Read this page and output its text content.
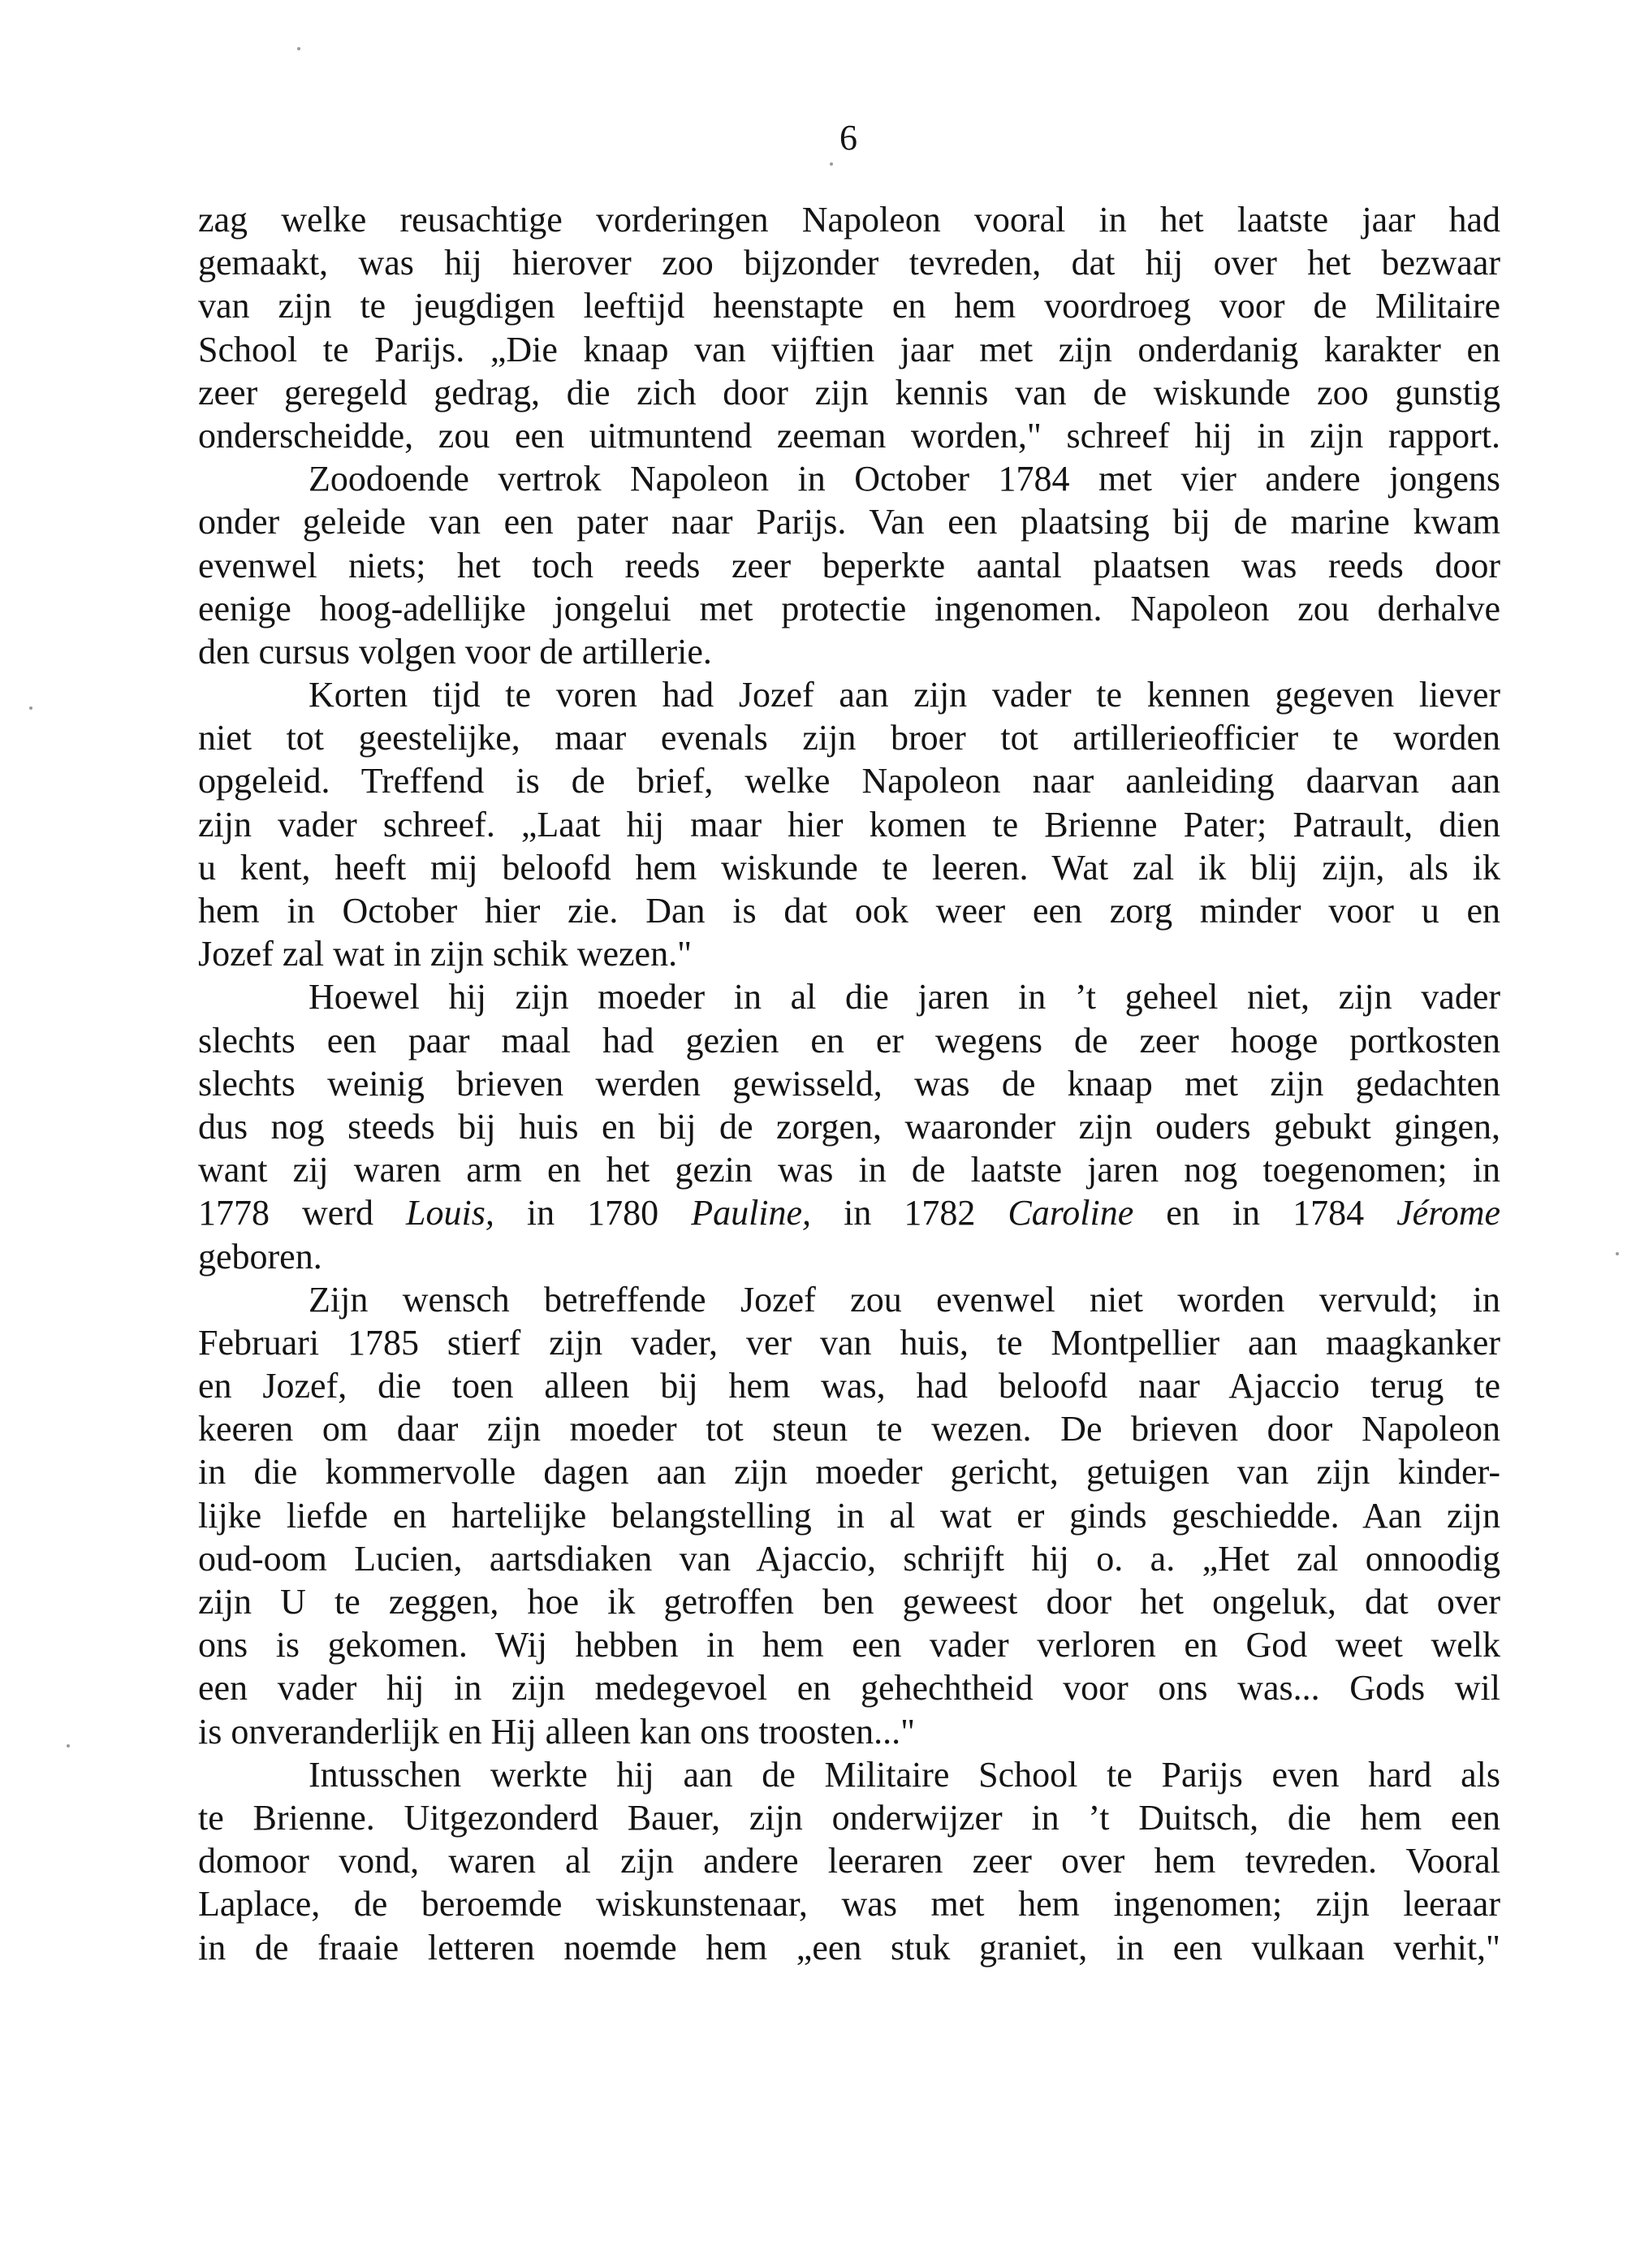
6
zag welke reusachtige vorderingen Napoleon vooral in het laatste jaar had
gemaakt, was hij hierover zoo bijzonder tevreden, dat hij over het bezwaar
van zijn te jeugdigen leeftijd heenstapte en hem voordroeg voor de Militaire
School te Parijs. „Die knaap van vijftien jaar met zijn onderdanig karakter en
zeer geregeld gedrag, die zich door zijn kennis van de wiskunde zoo gunstig
onderscheidde, zou een uitmuntend zeeman worden," schreef hij in zijn rapport.
Zoodoende vertrok Napoleon in October 1784 met vier andere jongens
onder geleide van een pater naar Parijs. Van een plaatsing bij de marine kwam
evenwel niets; het toch reeds zeer beperkte aantal plaatsen was reeds door
eenige hoog-adellijke jongelui met protectie ingenomen. Napoleon zou derhalve
den cursus volgen voor de artillerie.
Korten tijd te voren had Jozef aan zijn vader te kennen gegeven liever
niet tot geestelijke, maar evenals zijn broer tot artillerieofficier te worden
opgeleid. Treffend is de brief, welke Napoleon naar aanleiding daarvan aan
zijn vader schreef. „Laat hij maar hier komen te Brienne Pater; Patrault, dien
u kent, heeft mij beloofd hem wiskunde te leeren. Wat zal ik blij zijn, als ik
hem in October hier zie. Dan is dat ook weer een zorg minder voor u en
Jozef zal wat in zijn schik wezen."
Hoewel hij zijn moeder in al die jaren in ’t geheel niet, zijn vader
slechts een paar maal had gezien en er wegens de zeer hooge portkosten
slechts weinig brieven werden gewisseld, was de knaap met zijn gedachten
dus nog steeds bij huis en bij de zorgen, waaronder zijn ouders gebukt gingen,
want zij waren arm en het gezin was in de laatste jaren nog toegenomen; in
1778 werd Louis, in 1780 Pauline, in 1782 Caroline en in 1784 Jérome
geboren.
Zijn wensch betreffende Jozef zou evenwel niet worden vervuld; in
Februari 1785 stierf zijn vader, ver van huis, te Montpellier aan maagkanker
en Jozef, die toen alleen bij hem was, had beloofd naar Ajaccio terug te
keeren om daar zijn moeder tot steun te wezen. De brieven door Napoleon
in die kommervolle dagen aan zijn moeder gericht, getuigen van zijn kinder-
lijke liefde en hartelijke belangstelling in al wat er ginds geschiedde. Aan zijn
oud-oom Lucien, aartsdiaken van Ajaccio, schrijft hij o. a. „Het zal onnoodig
zijn U te zeggen, hoe ik getroffen ben geweest door het ongeluk, dat over
ons is gekomen. Wij hebben in hem een vader verloren en God weet welk
een vader hij in zijn medegevoel en gehechtheid voor ons was... Gods wil
is onveranderlijk en Hij alleen kan ons troosten..."
Intusschen werkte hij aan de Militaire School te Parijs even hard als
te Brienne. Uitgezonderd Bauer, zijn onderwijzer in ’t Duitsch, die hem een
domoor vond, waren al zijn andere leeraren zeer over hem tevreden. Vooral
Laplace, de beroemde wiskunstenaar, was met hem ingenomen; zijn leeraar
in de fraaie letteren noemde hem „een stuk graniet, in een vulkaan verhit,"
